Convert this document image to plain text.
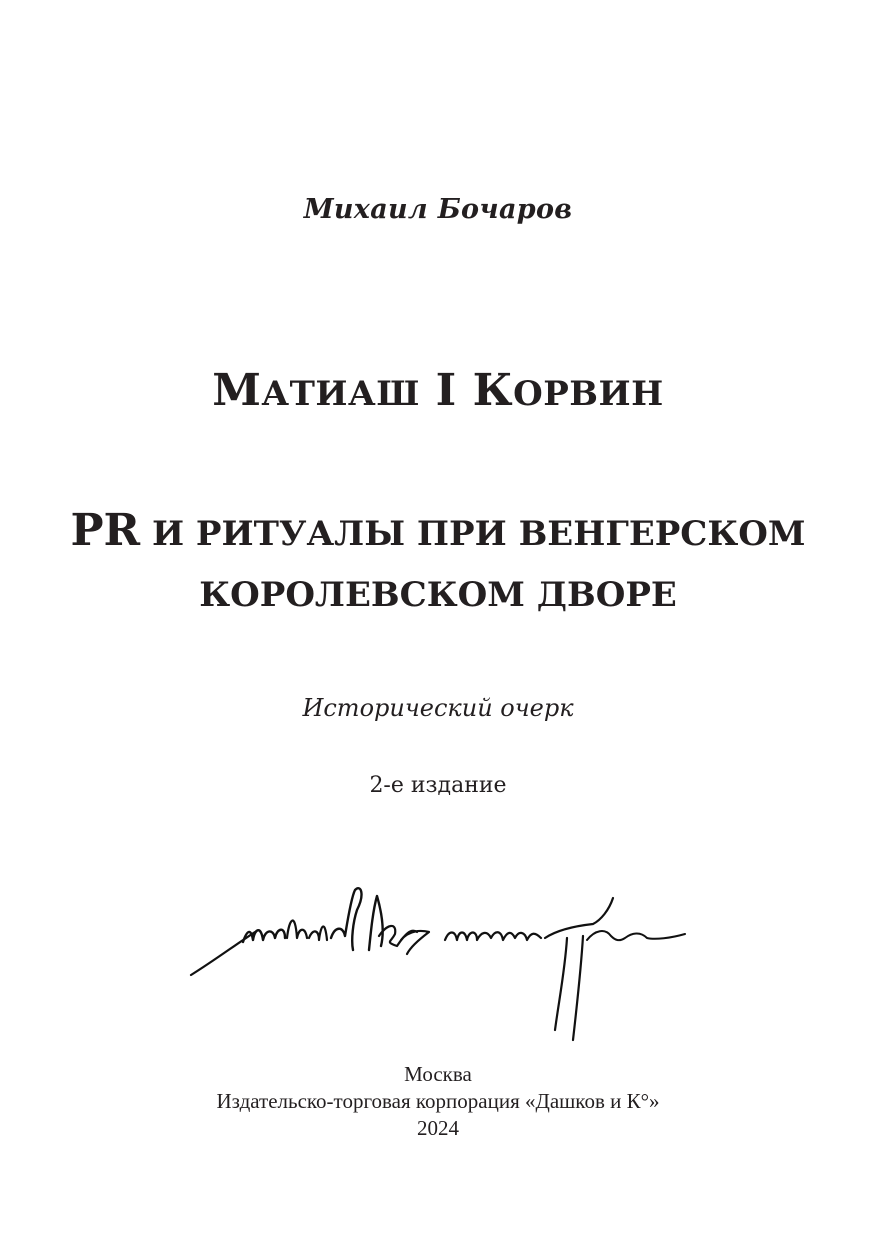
Михаил Бочаров
МАТИАШ I КОРВИН
PR И РИТУАЛЫ ПРИ ВЕНГЕРСКОМ
КОРОЛЕВСКОМ ДВОРЕ
Исторический очерк
2-е издание
Москва
Издательско-торговая корпорация «Дашков и К°»
2024
